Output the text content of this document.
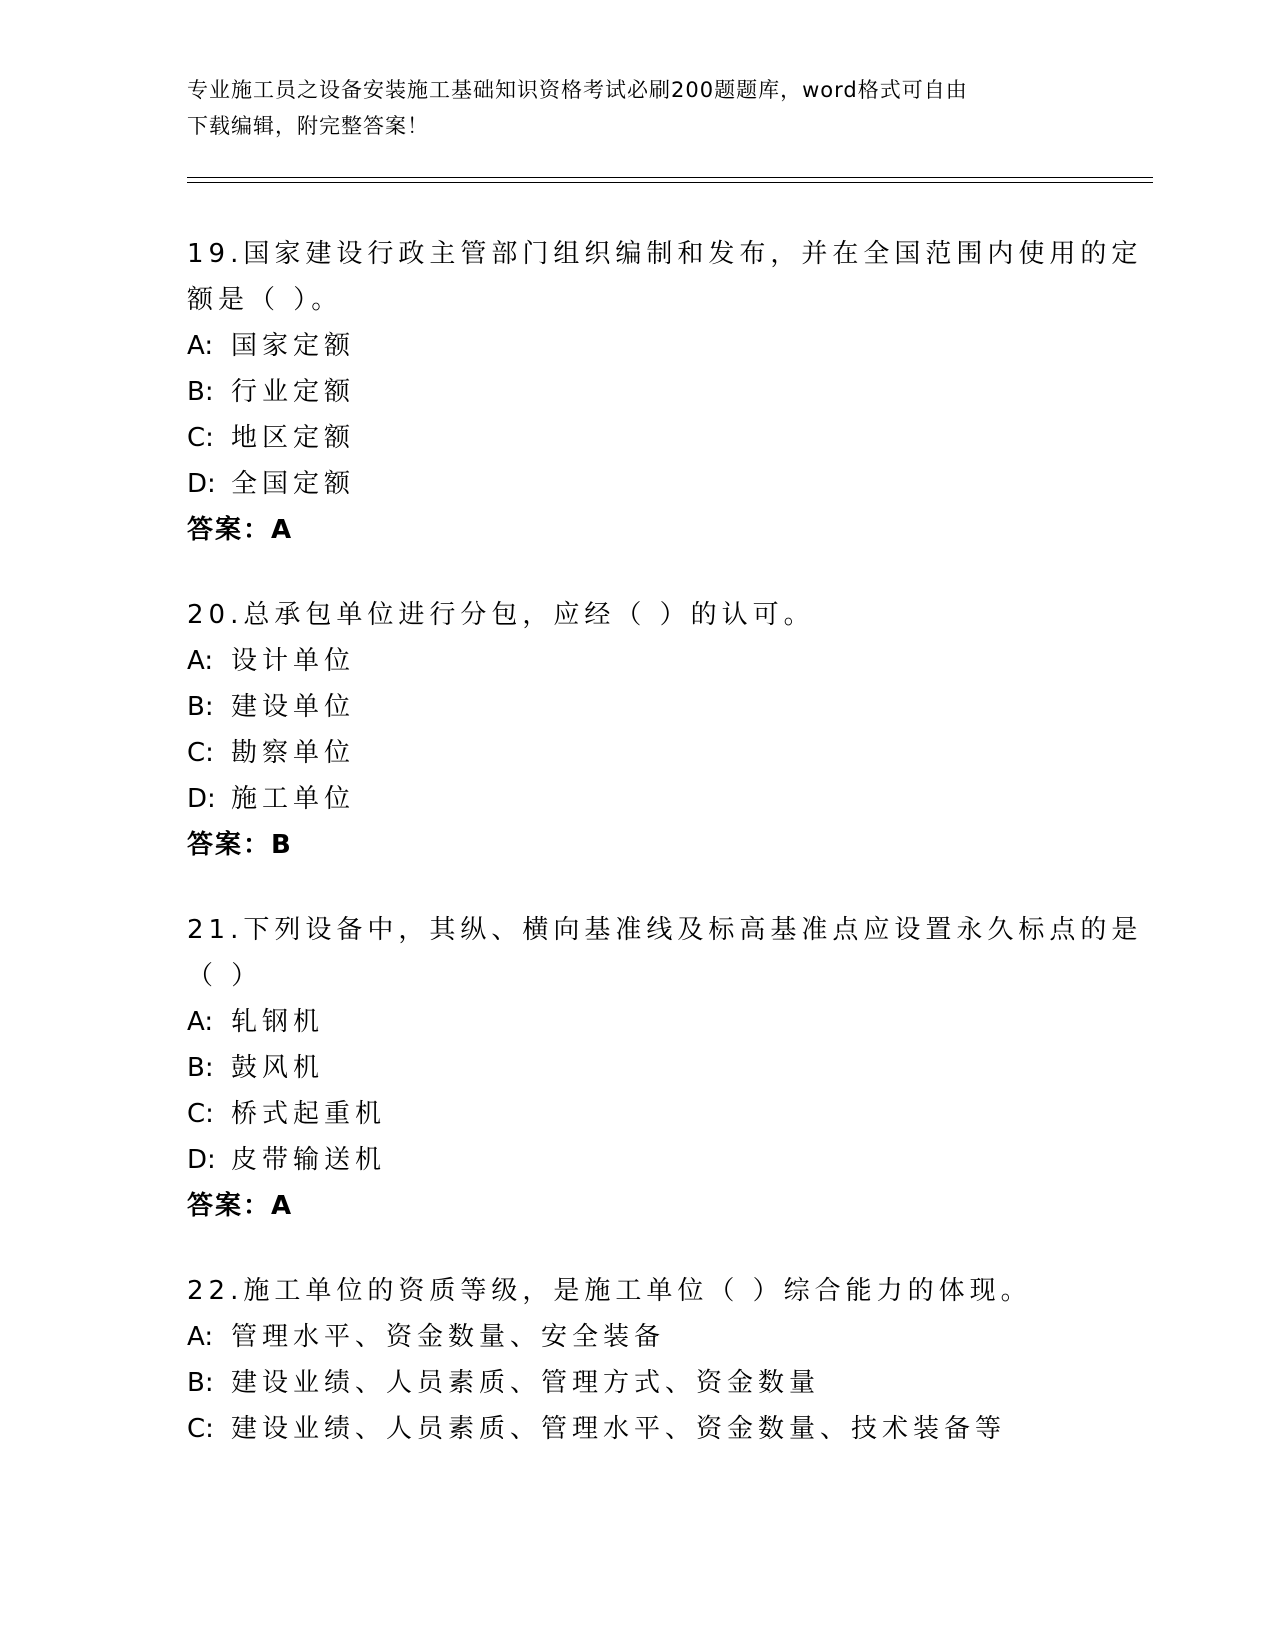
专业施工员之设备安装施工基础知识资格考试必刷200题题库，word格式可自由
下载编辑，附完整答案！
19.国家建设行政主管部门组织编制和发布，并在全国范围内使用的定
额是（ ）。
A: 国家定额
B: 行业定额
C: 地区定额
D: 全国定额
答案：A
20.总承包单位进行分包，应经（ ）的认可。
A: 设计单位
B: 建设单位
C: 勘察单位
D: 施工单位
答案：B
21.下列设备中，其纵、横向基准线及标高基准点应设置永久标点的是
（ ）
A: 轧钢机
B: 鼓风机
C: 桥式起重机
D: 皮带输送机
答案：A
22.施工单位的资质等级，是施工单位（ ）综合能力的体现。
A: 管理水平、资金数量、安全装备
B: 建设业绩、人员素质、管理方式、资金数量
C: 建设业绩、人员素质、管理水平、资金数量、技术装备等
